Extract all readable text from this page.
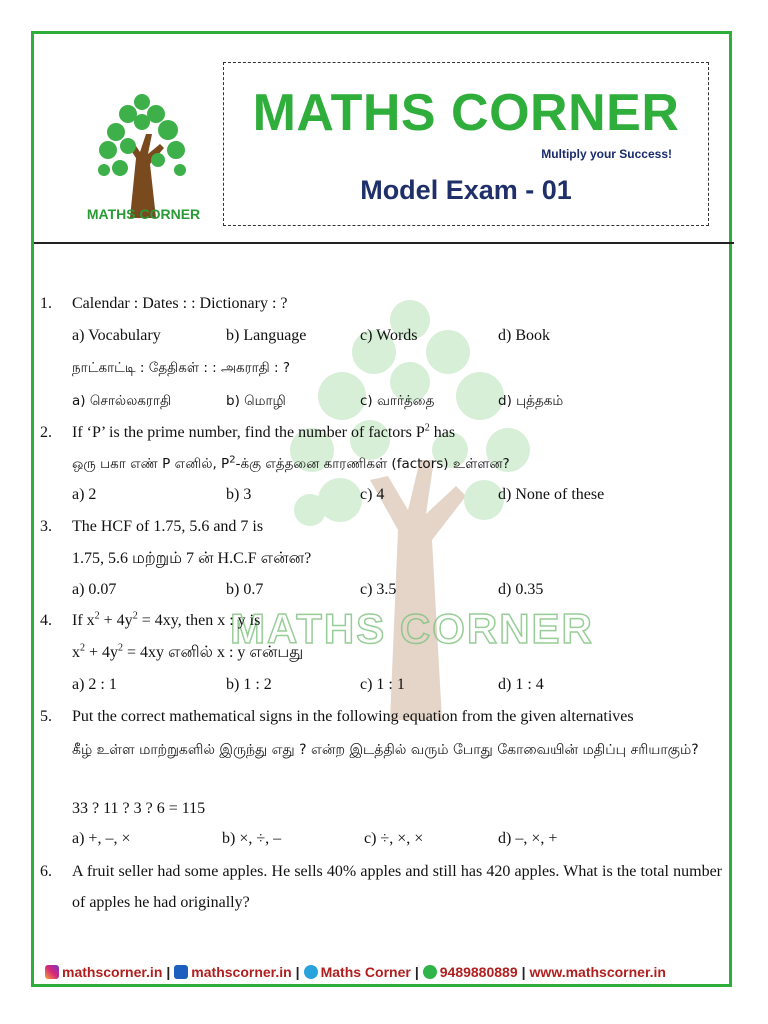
MATHS CORNER
MATHS CORNER
Multiply your Success!
Model Exam - 01
MATHS CORNER
1. Calendar : Dates : : Dictionary : ?
a) Vocabulary	b) Language	c) Words	d) Book
நாட்காட்டி : தேதிகள் : : அகராதி : ?
a) சொல்லகராதி	b) மொழி	c) வார்த்தை	d) புத்தகம்
2. If ‘P’ is the prime number, find the number of factors $P^2$ has
ஒரு பகா எண் P எனில், $P^2-க்கு$ எத்தனை காரணிகள் (factors) உள்ளன?
a) 2	b) 3	c) 4	d) None of these
3. The HCF of 1.75, 5.6 and 7 is
1.75, 5.6 மற்றும் 7 ன் H.C.F என்ன?
a) 0.07	b) 0.7	c) 3.5	d) 0.35
4. If $x^2 + 4y^2 = 4xy$, then x : y is
$x^2 + 4y^2 = 4xy$ எனில் x : y என்பது
a) 2 : 1	b) 1 : 2	c) 1 : 1	d) 1 : 4
5. Put the correct mathematical signs in the following equation from the given alternatives
கீழ் உள்ள மாற்றுகளில் இருந்து எது ? என்ற இடத்தில் வரும் போது கோவையின் மதிப்பு சரியாகும்?
33 ? 11 ? 3 ? 6 = 115
a) +, –, ×	b) ×, ÷, –	c) ÷, ×, ×	d) –, ×, +
6. A fruit seller had some apples. He sells 40% apples and still has 420 apples. What is the total number of apples he had originally?
mathscorner.in | mathscorner.in | Maths Corner | 9489880889 | www.mathscorner.in
